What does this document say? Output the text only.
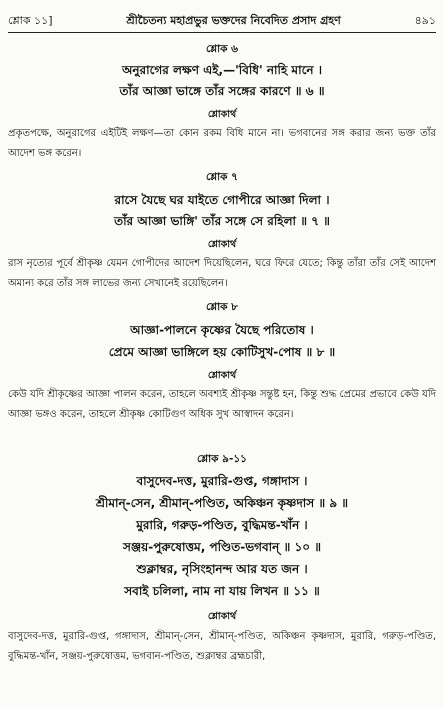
শ্লোক ১১]	শ্রীচৈতন্য মহাপ্রভুর ভক্তদের নিবেদিত প্রসাদ গ্রহণ	৪৯১
শ্লোক ৬
অনুরাগের লক্ষণ এই,—'বিধি' নাহি মানে ।
তাঁর আজ্ঞা ভাঙ্গে তাঁর সঙ্গের কারণে ॥ ৬ ॥
শ্লোকার্থ
প্রকৃতপক্ষে, অনুরাগের এইটিই লক্ষণ—তা কোন রকম বিধি মানে না। ভগবানের সঙ্গ করার জন্য ভক্ত তাঁর আদেশ ভঙ্গ করেন।
শ্লোক ৭
রাসে যৈছে ঘর যাইতে গোপীরে আজ্ঞা দিলা ।
তাঁর আজ্ঞা ভাঙ্গি' তাঁর সঙ্গে সে রহিলা ॥ ৭ ॥
শ্লোকার্থ
রাস নৃত্যের পূর্বে শ্রীকৃষ্ণ যেমন গোপীদের আদেশ দিয়েছিলেন, ঘরে ফিরে যেতে; কিন্তু তাঁরা তাঁর সেই আদেশ অমান্য করে তাঁর সঙ্গ লাভের জন্য সেখানেই রয়েছিলেন।
শ্লোক ৮
আজ্ঞা-পালনে কৃষ্ণের যৈছে পরিতোষ ।
প্রেমে আজ্ঞা ভাঙ্গিলে হয় কোটিসুখ-পোষ ॥ ৮ ॥
শ্লোকার্থ
কেউ যদি শ্রীকৃষ্ণের আজ্ঞা পালন করেন, তাহলে অবশ্যই শ্রীকৃষ্ণ সন্তুষ্ট হন, কিন্তু শুদ্ধ প্রেমের প্রভাবে কেউ যদি আজ্ঞা ভঙ্গও করেন, তাহলে শ্রীকৃষ্ণ কোটিগুণ অধিক সুখ আস্বাদন করেন।
শ্লোক ৯-১১
বাসুদেব-দত্ত, মুরারি-গুপ্ত, গঙ্গাদাস ।
শ্রীমান্-সেন, শ্রীমান্-পণ্ডিত, অকিঞ্চন কৃষ্ণদাস ॥ ৯ ॥
মুরারি, গরুড়-পণ্ডিত, বুদ্ধিমন্ত-খাঁন ।
সঞ্জয়-পুরুষোত্তম, পণ্ডিত-ভগবান্ ॥ ১০ ॥
শুক্লাম্বর, নৃসিংহানন্দ আর যত জন ।
সবাই চলিলা, নাম না যায় লিখন ॥ ১১ ॥
শ্লোকার্থ
বাসুদেব-দত্ত, মুরারি-গুপ্ত, গঙ্গাদাস, শ্রীমান্-সেন, শ্রীমান্-পণ্ডিত, অকিঞ্চন কৃষ্ণদাস, মুরারি, গরুড়-পণ্ডিত, বুদ্ধিমন্ত-খাঁন, সঞ্জয়-পুরুষোত্তম, ভগবান-পণ্ডিত, শুক্লাম্বর ব্রহ্মচারী,
